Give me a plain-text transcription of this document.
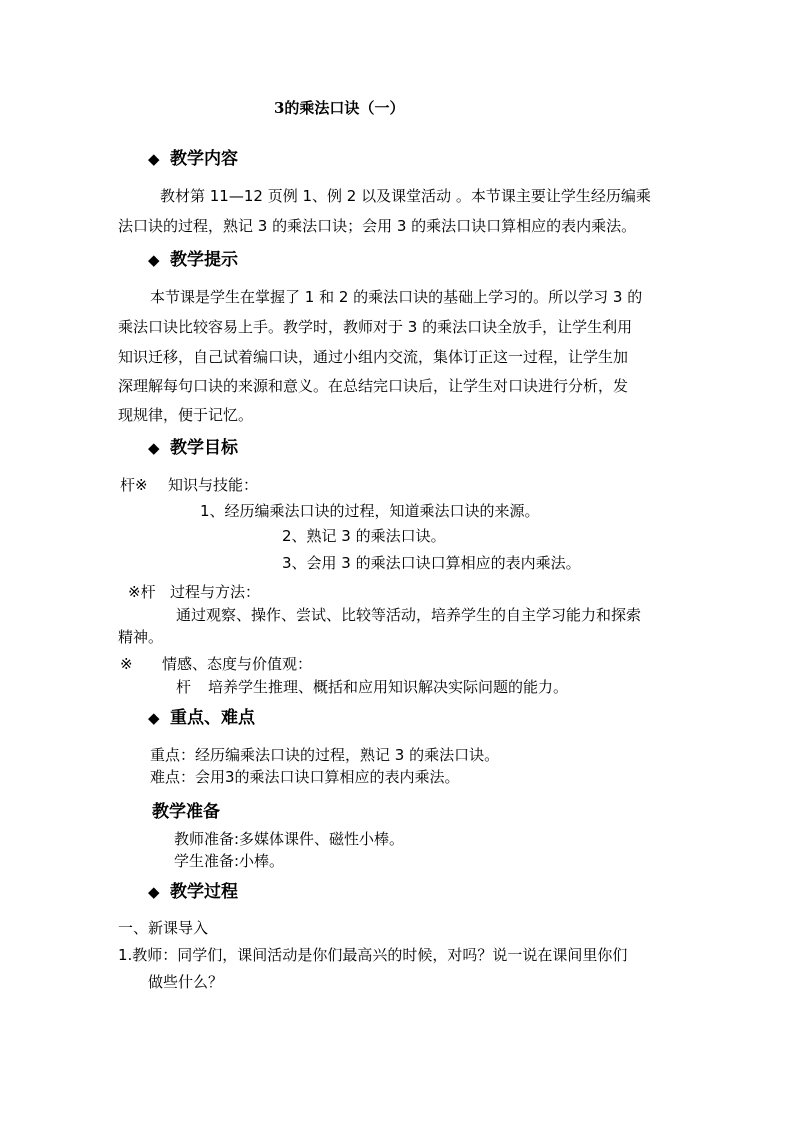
3的乘法口诀（一）
◆ 教学内容
教材第 11—12 页例 1、例 2 以及课堂活动 。本节课主要让学生经历编乘
法口诀的过程，熟记 3 的乘法口诀；会用 3 的乘法口诀口算相应的表内乘法。
◆ 教学提示
本节课是学生在掌握了 1 和 2 的乘法口诀的基础上学习的。所以学习 3 的
乘法口诀比较容易上手。教学时，教师对于 3 的乘法口诀全放手，让学生利用
知识迁移，自己试着编口诀，通过小组内交流，集体订正这一过程，让学生加
深理解每句口诀的来源和意义。在总结完口诀后，让学生对口诀进行分析，发
现规律，便于记忆。
◆ 教学目标
杆※ 知识与技能：
1、经历编乘法口诀的过程，知道乘法口诀的来源。
2、熟记 3 的乘法口诀。
3、会用 3 的乘法口诀口算相应的表内乘法。
※杆 过程与方法：
通过观察、操作、尝试、比较等活动，培养学生的自主学习能力和探索
精神。
※ 情感、态度与价值观：
杆 培养学生推理、概括和应用知识解决实际问题的能力。
◆ 重点、难点
重点：经历编乘法口诀的过程，熟记 3 的乘法口诀。
难点：会用3的乘法口诀口算相应的表内乘法。
教学准备
教师准备:多媒体课件、磁性小棒。
学生准备:小棒。
◆ 教学过程
一、新课导入
1.教师：同学们，课间活动是你们最高兴的时候，对吗？说一说在课间里你们
做些什么？
